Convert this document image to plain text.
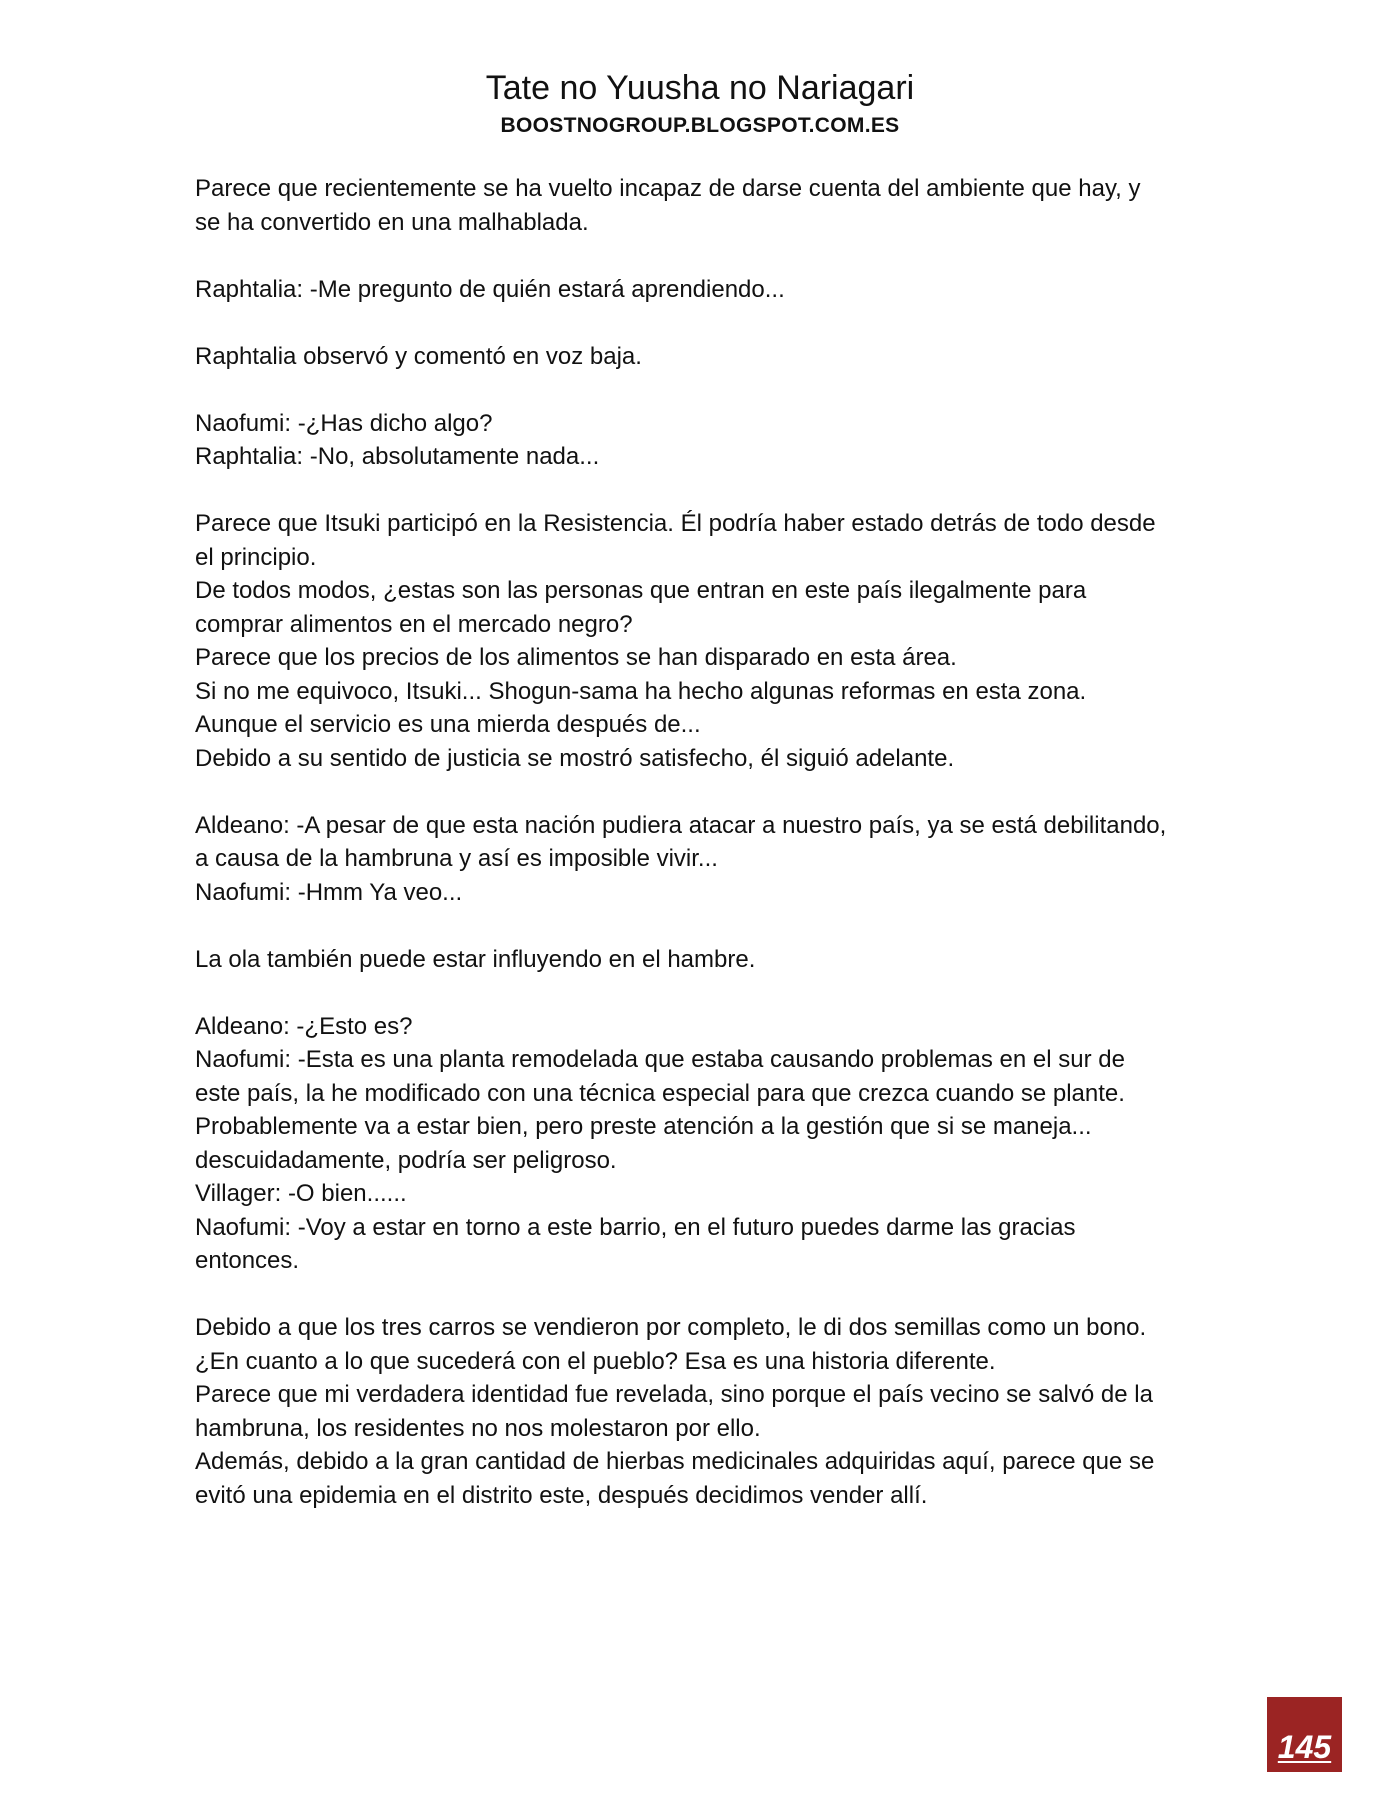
Tate no Yuusha no Nariagari
BOOSTNOGROUP.BLOGSPOT.COM.ES
Parece que recientemente se ha vuelto incapaz de darse cuenta del ambiente que hay, y
se ha convertido en una malhablada.
Raphtalia: -Me pregunto de quién estará aprendiendo...
Raphtalia observó y comentó en voz baja.
Naofumi: -¿Has dicho algo?
Raphtalia: -No, absolutamente nada...
Parece que Itsuki participó en la Resistencia. Él podría haber estado detrás de todo desde
el principio.
De todos modos, ¿estas son las personas que entran en este país ilegalmente para
comprar alimentos en el mercado negro?
Parece que los precios de los alimentos se han disparado en esta área.
Si no me equivoco, Itsuki... Shogun-sama ha hecho algunas reformas en esta zona.
Aunque el servicio es una mierda después de...
Debido a su sentido de justicia se mostró satisfecho, él siguió adelante.
Aldeano: -A pesar de que esta nación pudiera atacar a nuestro país, ya se está debilitando,
a causa de la hambruna y así es imposible vivir...
Naofumi: -Hmm Ya veo...
La ola también puede estar influyendo en el hambre.
Aldeano: -¿Esto es?
Naofumi: -Esta es una planta remodelada que estaba causando problemas en el sur de
este país, la he modificado con una técnica especial para que crezca cuando se plante.
Probablemente va a estar bien, pero preste atención a la gestión que si se maneja...
descuidadamente, podría ser peligroso.
Villager: -O bien......
Naofumi: -Voy a estar en torno a este barrio, en el futuro puedes darme las gracias
entonces.
Debido a que los tres carros se vendieron por completo, le di dos semillas como un bono.
¿En cuanto a lo que sucederá con el pueblo? Esa es una historia diferente.
Parece que mi verdadera identidad fue revelada, sino porque el país vecino se salvó de la
hambruna, los residentes no nos molestaron por ello.
Además, debido a la gran cantidad de hierbas medicinales adquiridas aquí, parece que se
evitó una epidemia en el distrito este, después decidimos vender allí.
145
